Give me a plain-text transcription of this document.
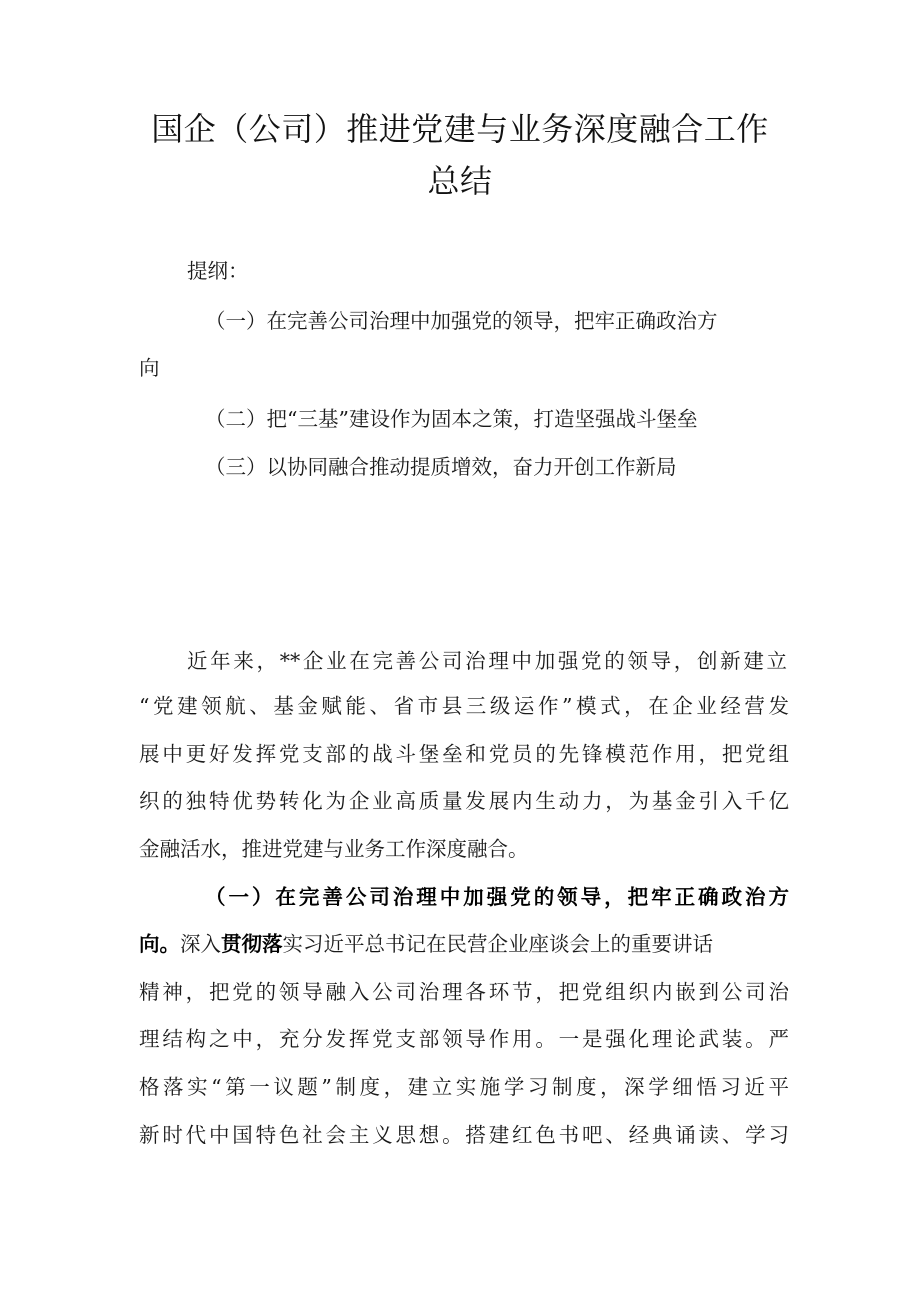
国企（公司）推进党建与业务深度融合工作
总结
提纲：
（一）在完善公司治理中加强党的领导，把牢正确政治方
向
（二）把“三基”建设作为固本之策，打造坚强战斗堡垒
（三）以协同融合推动提质增效，奋力开创工作新局
近年来，**企业在完善公司治理中加强党的领导，创新建立
“党建领航、基金赋能、省市县三级运作”模式，在企业经营发
展中更好发挥党支部的战斗堡垒和党员的先锋模范作用，把党组
织的独特优势转化为企业高质量发展内生动力，为基金引入千亿
金融活水，推进党建与业务工作深度融合。
（一）在完善公司治理中加强党的领导，把牢正确政治方
向。深入贯彻落实习近平总书记在民营企业座谈会上的重要讲话
精神，把党的领导融入公司治理各环节，把党组织内嵌到公司治
理结构之中，充分发挥党支部领导作用。一是强化理论武装。严
格落实“第一议题”制度，建立实施学习制度，深学细悟习近平
新时代中国特色社会主义思想。搭建红色书吧、经典诵读、学习
